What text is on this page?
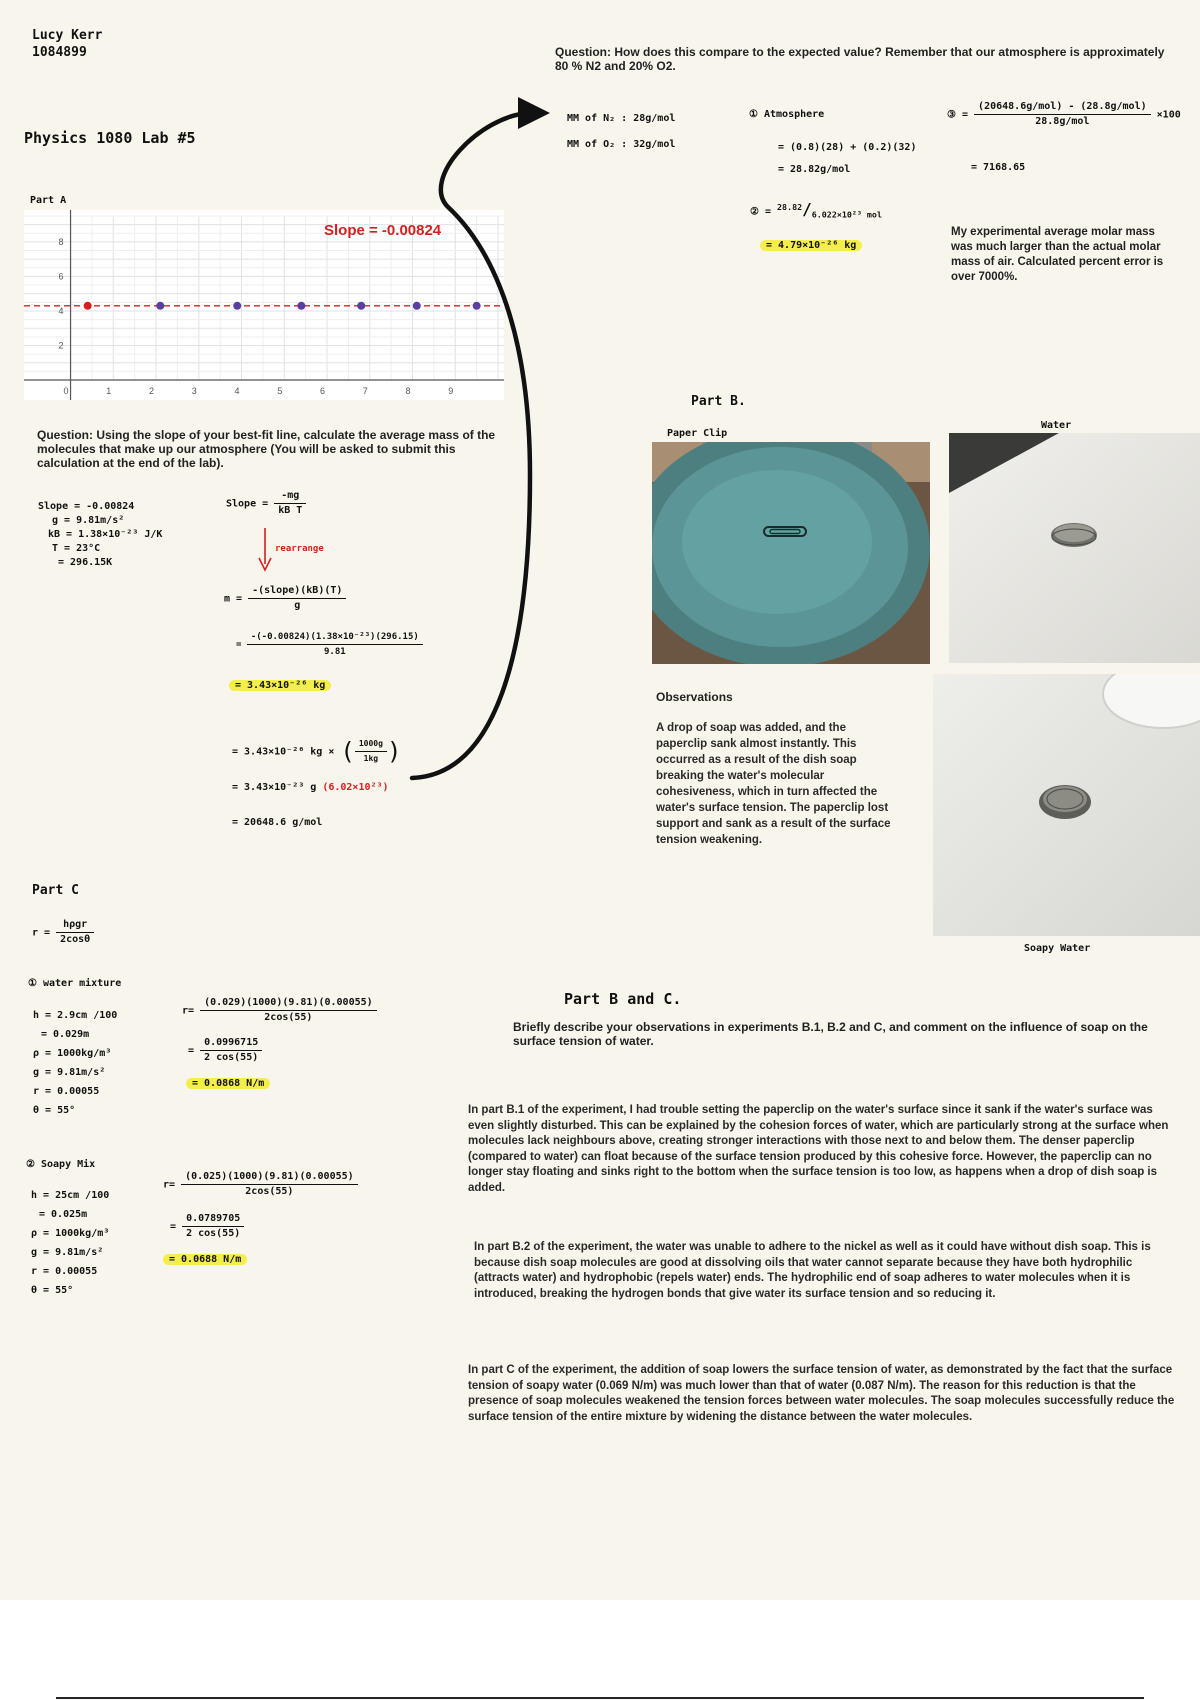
Lucy Kerr
1084899
Physics 1080 Lab #5
Part A
0	1	2	3	4	5	6	7	8	9
2
4
6
8
Slope = -0.00824
Question: Using the slope of your best-fit line, calculate the average mass of the molecules that make up our atmosphere (You will be asked to submit this calculation at the end of the lab).
Slope = -0.00824
g = 9.81m/s²
kB = 1.38×10⁻²³ J/K
T = 23°C
= 296.15K
Slope = $\frac{-mg}{\text{kB T}}$
rearrange
$m = \frac{\text{-(slope)(kB)(T)}}{g}$
= $\frac{\text{-(-0.00824)(1.38×10⁻²³)(296.15)}}{9.81}$
= 3.43×10⁻²⁶ kg
= 3.43×10⁻²⁶ kg × ( $\frac{1000g}{1kg}$ )
= 3.43×10⁻²³ g (6.02×10²³)
= 20648.6 g/mol
Question: How does this compare to the expected value? Remember that our atmosphere is approximately 80 % N2 and 20% O2.
MM of N₂ : 28g/mol
MM of O₂ : 32g/mol
① Atmosphere
= (0.8)(28) + (0.2)(32)
= 28.82g/mol
② = $^{28.82}/_{6.022\times 10^{23} mol}$
= 4.79×10⁻²⁶ kg
③ = $\frac{\text{(20648.6g/mol) - (28.8g/mol)}}{\text{28.8g/mol}} \times 100$
= 7168.65
My experimental average molar mass was much larger than the actual molar mass of air. Calculated percent error is over 7000%.
Part B.
Paper Clip
Water
Soapy Water
Observations
A drop of soap was added, and the paperclip sank almost instantly. This occurred as a result of the dish soap breaking the water's molecular cohesiveness, which in turn affected the water's surface tension. The paperclip lost support and sank as a result of the surface tension weakening.
Part C
$r = \frac{\text{hρgr}}{2\cos\theta}$
① water mixture
h = 2.9cm /100
= 0.029m
ρ = 1000kg/m³
g = 9.81m/s²
r = 0.00055
θ = 55°
$r= \frac{(0.029)(1000)(9.81)(0.00055)}{2\cos(55)}$
= $\frac{0.0996715}{2 \cos(55)}$
= 0.0868 N/m
② Soapy Mix
h = 25cm /100
= 0.025m
ρ = 1000kg/m³
g = 9.81m/s²
r = 0.00055
θ = 55°
$r= \frac{(0.025)(1000)(9.81)(0.00055)}{2\cos(55)}$
= $\frac{0.0789705}{2 \cos(55)}$
= 0.0688 N/m
Part B and C.
Briefly describe your observations in experiments B.1, B.2 and C, and comment on the influence of soap on the surface tension of water.
In part B.1 of the experiment, I had trouble setting the paperclip on the water's surface since it sank if the water's surface was even slightly disturbed. This can be explained by the cohesion forces of water, which are particularly strong at the surface when molecules lack neighbours above, creating stronger interactions with those next to and below them. The denser paperclip (compared to water) can float because of the surface tension produced by this cohesive force. However, the paperclip can no longer stay floating and sinks right to the bottom when the surface tension is too low, as happens when a drop of dish soap is added.
In part B.2 of the experiment, the water was unable to adhere to the nickel as well as it could have without dish soap. This is because dish soap molecules are good at dissolving oils that water cannot separate because they have both hydrophilic (attracts water) and hydrophobic (repels water) ends. The hydrophilic end of soap adheres to water molecules when it is introduced, breaking the hydrogen bonds that give water its surface tension and so reducing it.
In part C of the experiment, the addition of soap lowers the surface tension of water, as demonstrated by the fact that the surface tension of soapy water (0.069 N/m) was much lower than that of water (0.087 N/m). The reason for this reduction is that the presence of soap molecules weakened the tension forces between water molecules. The soap molecules successfully reduce the surface tension of the entire mixture by widening the distance between the water molecules.
